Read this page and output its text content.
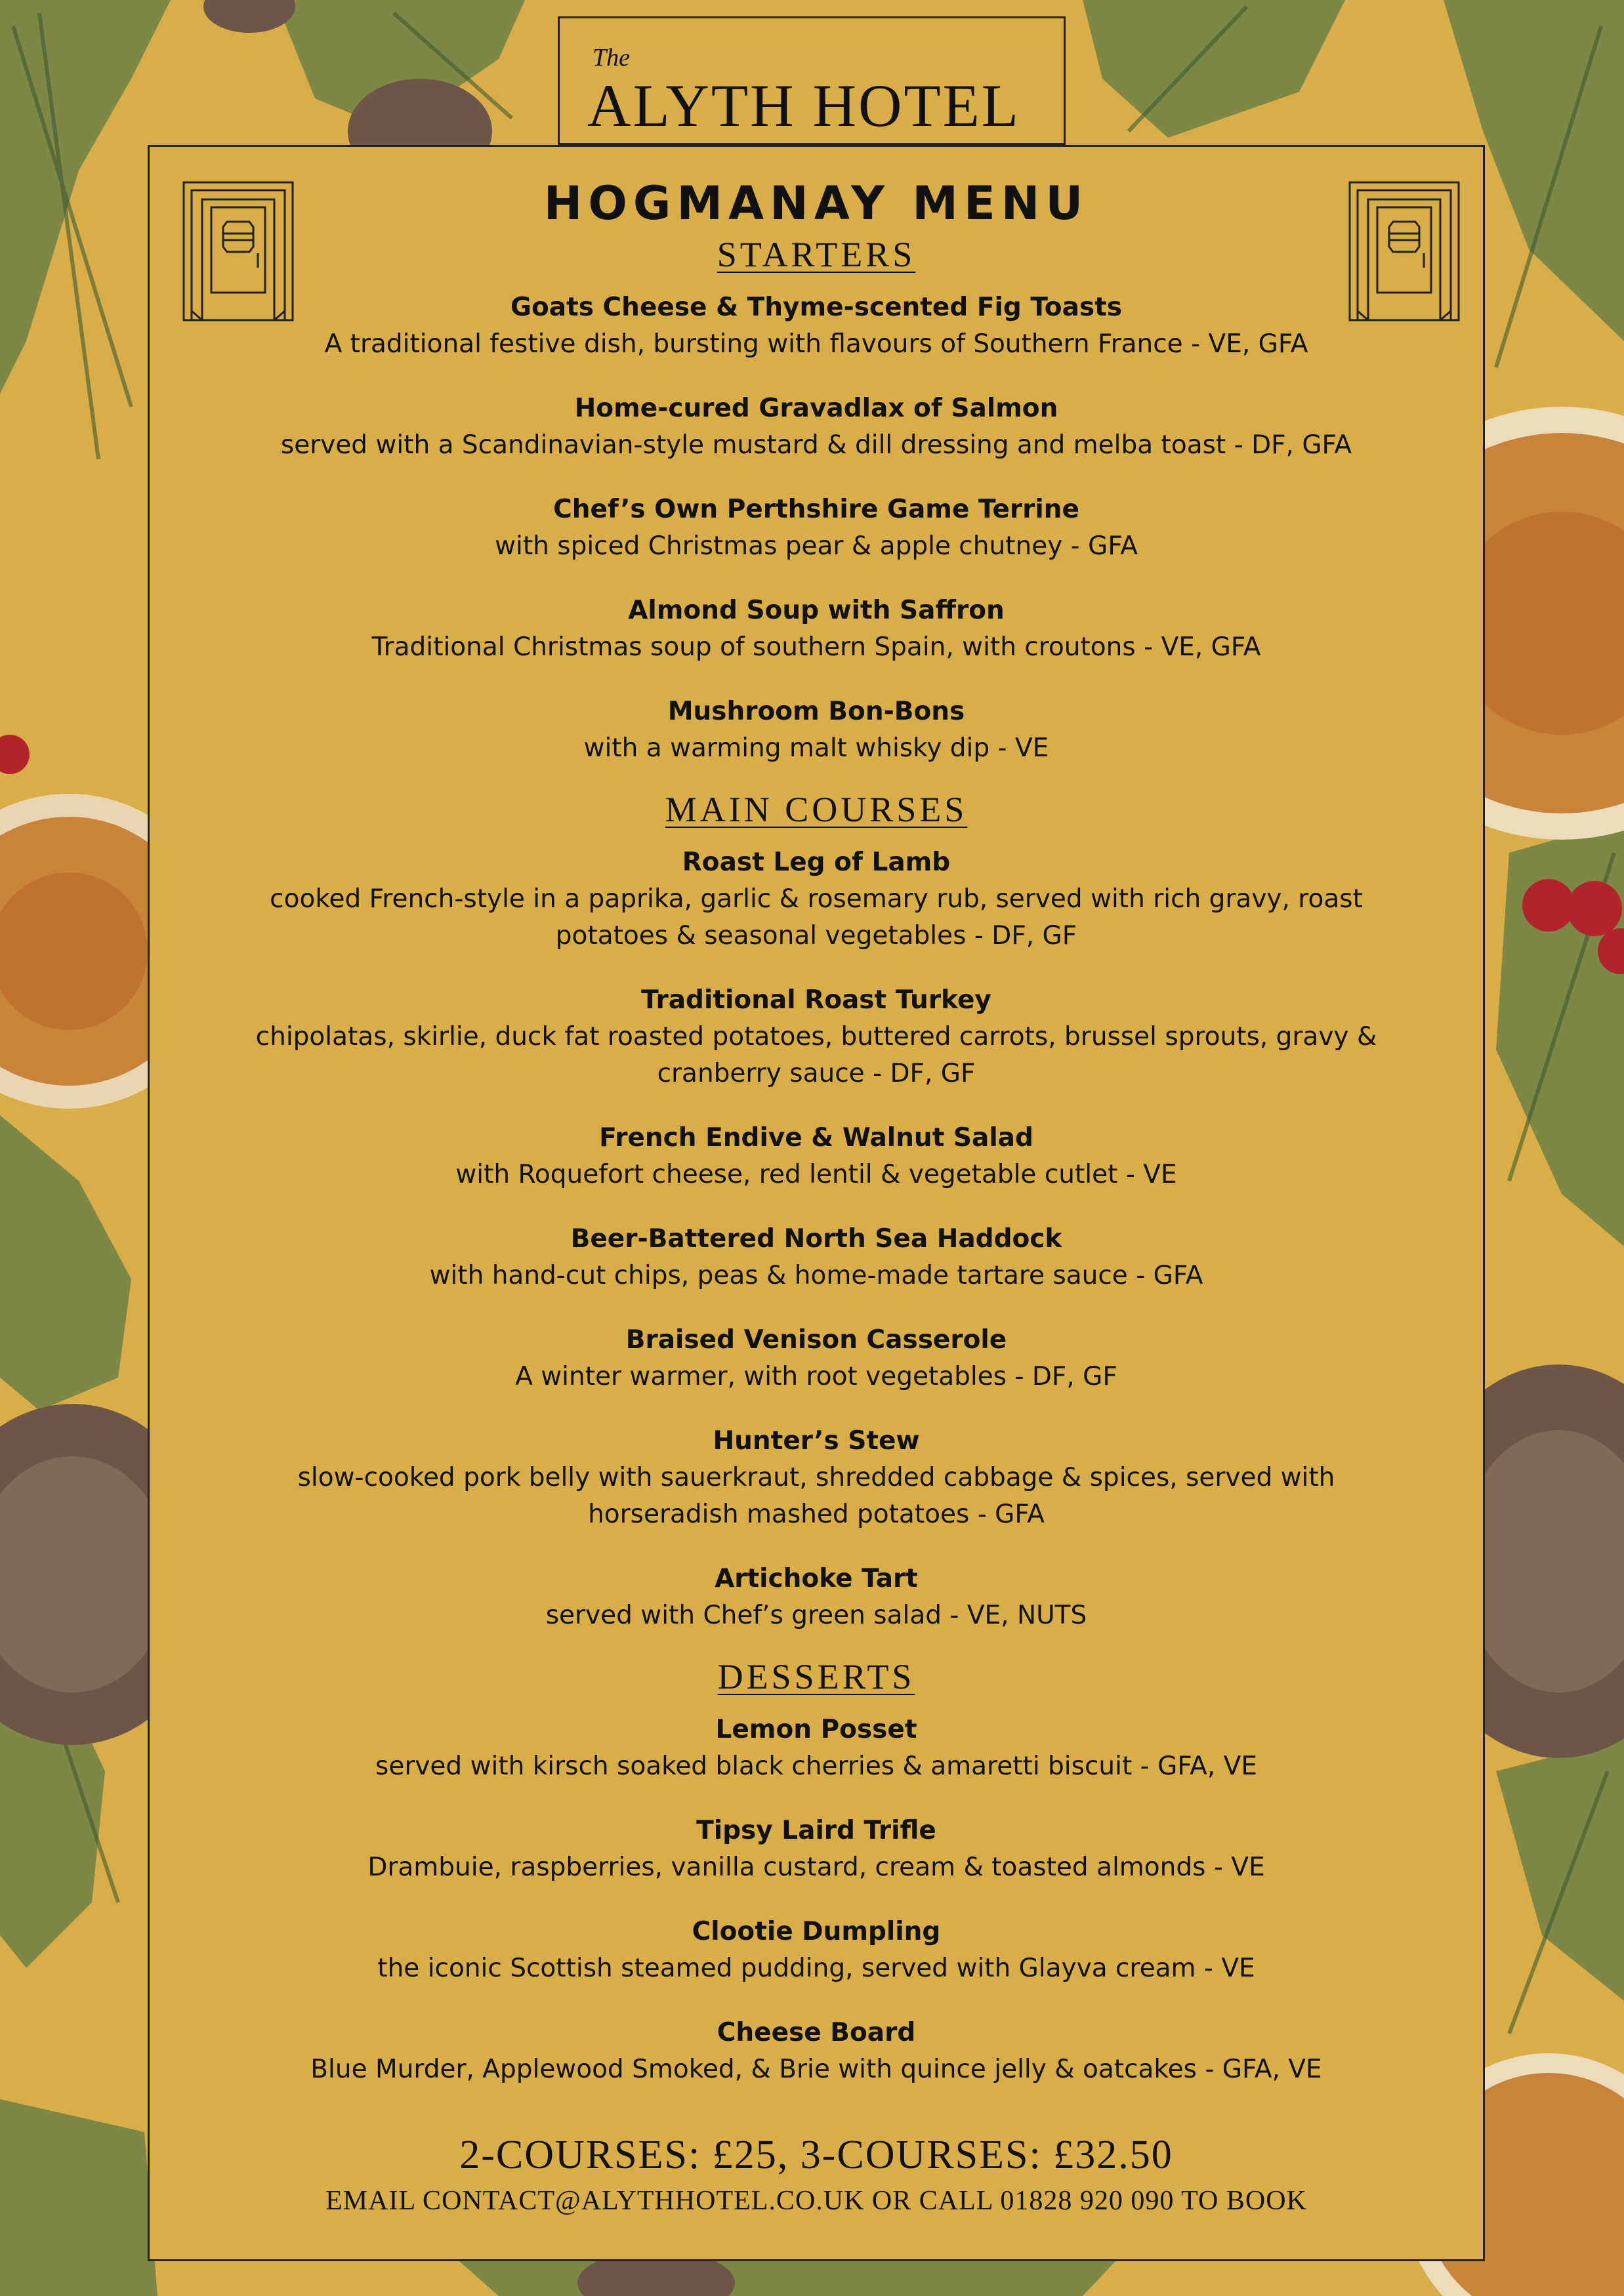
The
ALYTH HOTEL
HOGMANAY MENU
STARTERS
Goats Cheese & Thyme-scented Fig Toasts
A traditional festive dish, bursting with flavours of Southern France - VE, GFA
Home-cured Gravadlax of Salmon
served with a Scandinavian-style mustard & dill dressing and melba toast - DF, GFA
Chef’s Own Perthshire Game Terrine
with spiced Christmas pear & apple chutney - GFA
Almond Soup with Saffron
Traditional Christmas soup of southern Spain, with croutons - VE, GFA
Mushroom Bon-Bons
with a warming malt whisky dip - VE
MAIN COURSES
Roast Leg of Lamb
cooked French-style in a paprika, garlic & rosemary rub, served with rich gravy, roast potatoes & seasonal vegetables - DF, GF
Traditional Roast Turkey
chipolatas, skirlie, duck fat roasted potatoes, buttered carrots, brussel sprouts, gravy & cranberry sauce - DF, GF
French Endive & Walnut Salad
with Roquefort cheese, red lentil & vegetable cutlet - VE
Beer-Battered North Sea Haddock
with hand-cut chips, peas & home-made tartare sauce - GFA
Braised Venison Casserole
A winter warmer, with root vegetables - DF, GF
Hunter’s Stew
slow-cooked pork belly with sauerkraut, shredded cabbage & spices, served with horseradish mashed potatoes - GFA
Artichoke Tart
served with Chef’s green salad - VE, NUTS
DESSERTS
Lemon Posset
served with kirsch soaked black cherries & amaretti biscuit - GFA, VE
Tipsy Laird Trifle
Drambuie, raspberries, vanilla custard, cream & toasted almonds - VE
Clootie Dumpling
the iconic Scottish steamed pudding, served with Glayva cream - VE
Cheese Board
Blue Murder, Applewood Smoked, & Brie with quince jelly & oatcakes - GFA, VE
2-COURSES: £25, 3-COURSES: £32.50
EMAIL CONTACT@ALYTHHOTEL.CO.UK OR CALL 01828 920 090 TO BOOK
